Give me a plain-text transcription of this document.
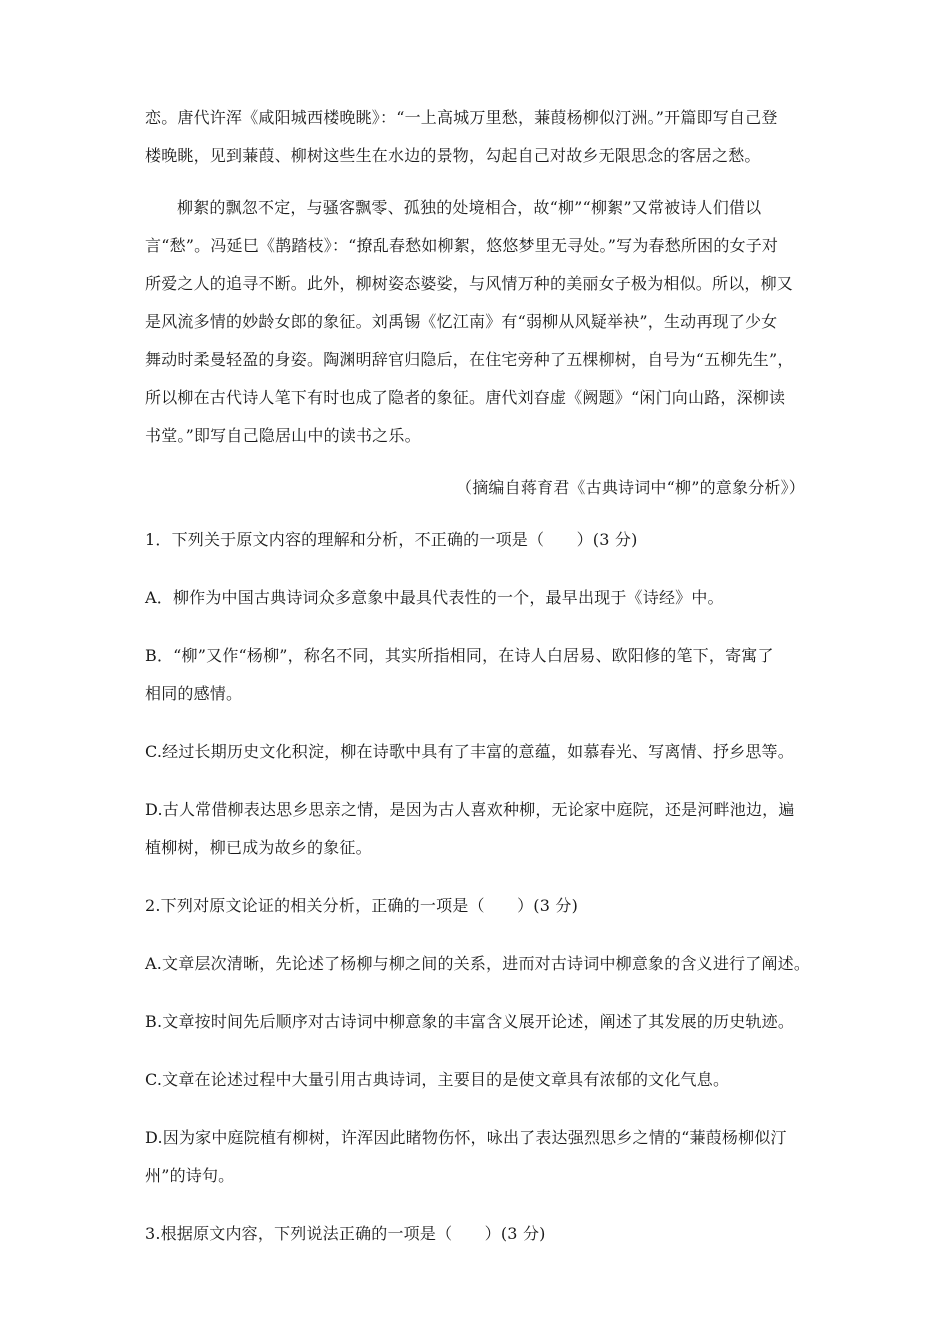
恋。唐代许浑《咸阳城西楼晚眺》：“一上高城万里愁，蒹葭杨柳似汀洲。”开篇即写自己登
楼晚眺，见到蒹葭、柳树这些生在水边的景物，勾起自己对故乡无限思念的客居之愁。
柳絮的飘忽不定，与骚客飘零、孤独的处境相合，故“柳”“柳絮”又常被诗人们借以
言“愁”。冯延巳《鹊踏枝》：“撩乱春愁如柳絮，悠悠梦里无寻处。”写为春愁所困的女子对
所爱之人的追寻不断。此外，柳树姿态婆娑，与风情万种的美丽女子极为相似。所以，柳又
是风流多情的妙龄女郎的象征。刘禹锡《忆江南》有“弱柳从风疑举袂”，生动再现了少女
舞动时柔曼轻盈的身姿。陶渊明辞官归隐后，在住宅旁种了五棵柳树，自号为“五柳先生”，
所以柳在古代诗人笔下有时也成了隐者的象征。唐代刘昚虚《阙题》“闲门向山路，深柳读
书堂。”即写自己隐居山中的读书之乐。
（摘编自蒋育君《古典诗词中“柳”的意象分析》）
1．下列关于原文内容的理解和分析，不正确的一项是（　　）(3 分)
A．柳作为中国古典诗词众多意象中最具代表性的一个，最早出现于《诗经》中。
B．“柳”又作“杨柳”，称名不同，其实所指相同，在诗人白居易、欧阳修的笔下，寄寓了
相同的感情。
C.经过长期历史文化积淀，柳在诗歌中具有了丰富的意蕴，如慕春光、写离情、抒乡思等。
D.古人常借柳表达思乡思亲之情，是因为古人喜欢种柳，无论家中庭院，还是河畔池边，遍
植柳树，柳已成为故乡的象征。
2.下列对原文论证的相关分析，正确的一项是（　　）(3 分)
A.文章层次清晰，先论述了杨柳与柳之间的关系，进而对古诗词中柳意象的含义进行了阐述。
B.文章按时间先后顺序对古诗词中柳意象的丰富含义展开论述，阐述了其发展的历史轨迹。
C.文章在论述过程中大量引用古典诗词，主要目的是使文章具有浓郁的文化气息。
D.因为家中庭院植有柳树，许浑因此睹物伤怀，咏出了表达强烈思乡之情的“蒹葭杨柳似汀
州”的诗句。
3.根据原文内容，下列说法正确的一项是（　　）(3 分)
